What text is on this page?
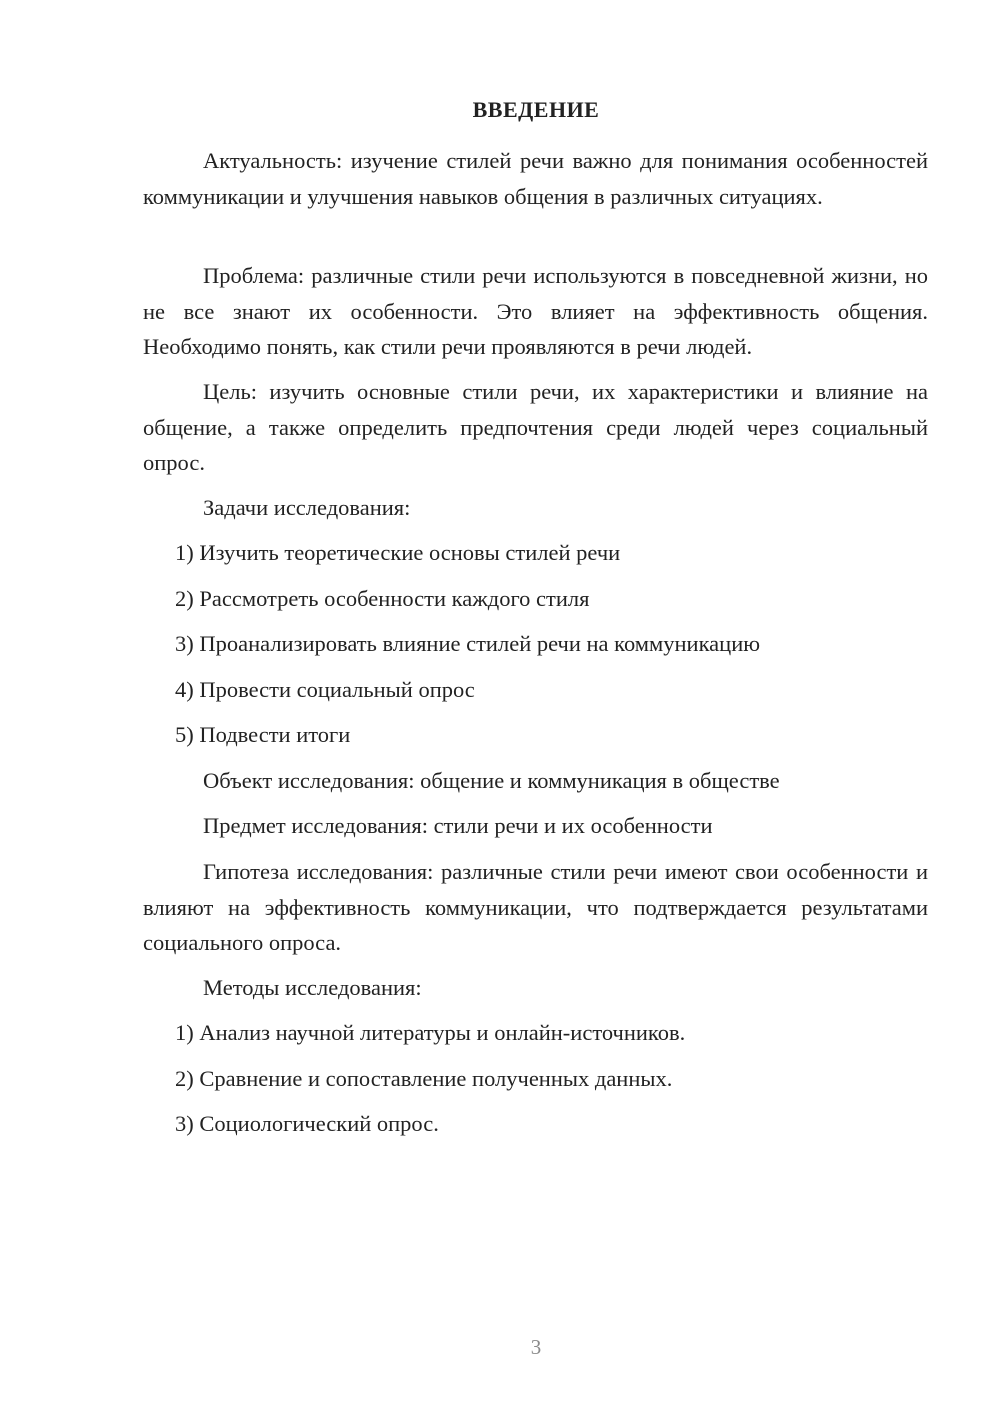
ВВЕДЕНИЕ

Актуальность: изучение стилей речи важно для понимания особенностей коммуникации и улучшения навыков общения в различных ситуациях.

Проблема: различные стили речи используются в повседневной жизни, но не все знают их особенности. Это влияет на эффективность общения. Необходимо понять, как стили речи проявляются в речи людей.

Цель: изучить основные стили речи, их характеристики и влияние на общение, а также определить предпочтения среди людей через социальный опрос.

Задачи исследования:
1) Изучить теоретические основы стилей речи
2) Рассмотреть особенности каждого стиля
3) Проанализировать влияние стилей речи на коммуникацию
4) Провести социальный опрос
5) Подвести итоги
Объект исследования: общение и коммуникация в обществе
Предмет исследования: стили речи и их особенности

Гипотеза исследования: различные стили речи имеют свои особенности и влияют на эффективность коммуникации, что подтверждается результатами социального опроса.

Методы исследования:
1) Анализ научной литературы и онлайн-источников.
2) Сравнение и сопоставление полученных данных.
3) Социологический опрос.
3
